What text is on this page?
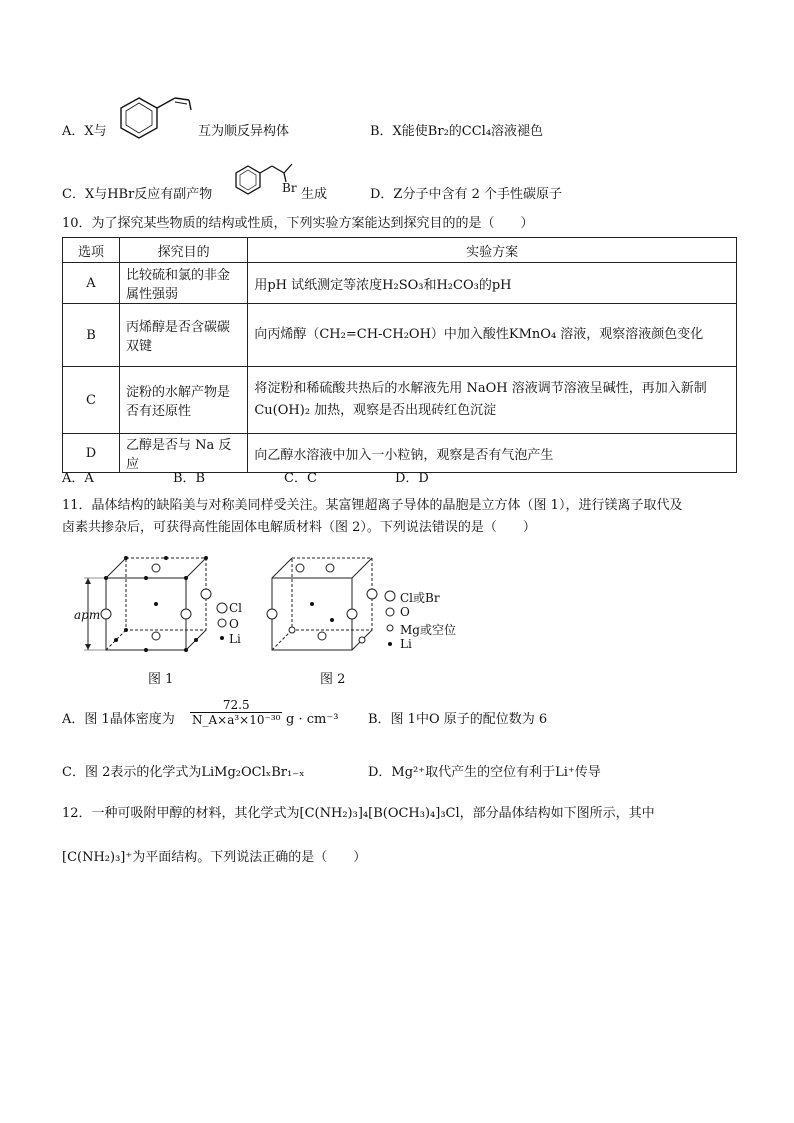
A．X与	互为顺反异构体	B．X能使Br₂的CCl₄溶液褪色
C．X与HBr反应有副产物	Br 生成	D．Z分子中含有 2 个手性碳原子
10．为了探究某些物质的结构或性质，下列实验方案能达到探究目的的是（　　）
选项	探究目的	实验方案
A	比较硫和氯的非金属性强弱	用pH 试纸测定等浓度H₂SO₃和H₂CO₃的pH
B	丙烯醇是否含碳碳双键	向丙烯醇（CH₂=CH-CH₂OH）中加入酸性KMnO₄ 溶液，观察溶液颜色变化
C	淀粉的水解产物是否有还原性	将淀粉和稀硫酸共热后的水解液先用 NaOH 溶液调节溶液呈碱性，再加入新制 Cu(OH)₂ 加热，观察是否出现砖红色沉淀
D	乙醇是否与 Na 反应	向乙醇水溶液中加入一小粒钠，观察是否有气泡产生
A．A	B．B	C．C	D．D
11．晶体结构的缺陷美与对称美同样受关注。某富锂超离子导体的晶胞是立方体（图 1），进行镁离子取代及
卤素共掺杂后，可获得高性能固体电解质材料（图 2）。下列说法错误的是（　　）
apm	Cl
O
Li
图 1
Cl或Br
O
Mg或空位
Li
图 2
A．图 1晶体密度为 $\frac{72.5}{\text{N\_A×a³×10⁻³⁰}}$ g · cm⁻³ B．图 1中O 原子的配位数为 6
C．图 2表示的化学式为LiMg₂OClₓBr₁₋ₓ	D．Mg²⁺取代产生的空位有利于Li⁺传导
12．一种可吸附甲醇的材料，其化学式为[C(NH₂)₃]₄[B(OCH₃)₄]₃Cl，部分晶体结构如下图所示，其中
[C(NH₂)₃]⁺为平面结构。下列说法正确的是（　　）
